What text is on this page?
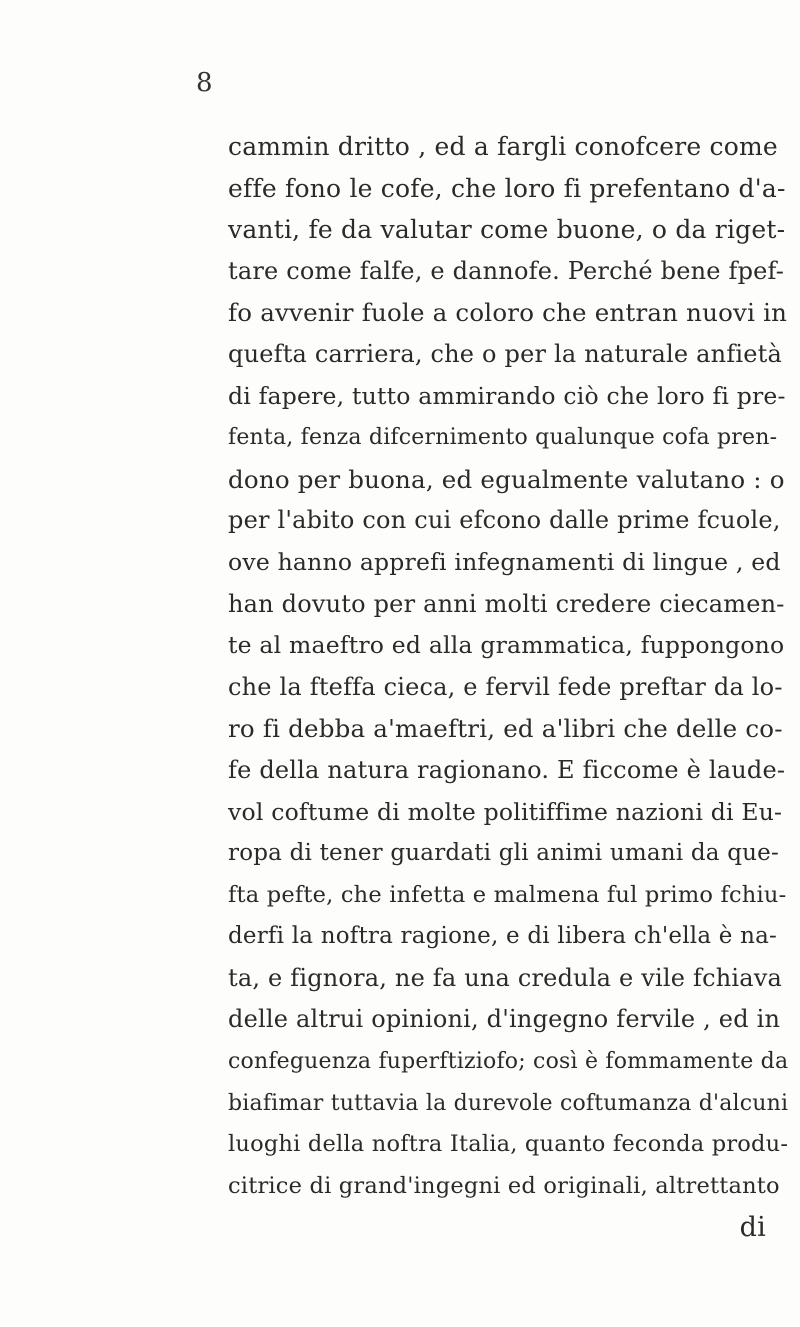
8
cammin dritto , ed a fargli conofcere come
effe fono le cofe, che loro fi prefentano d'a-
vanti, fe da valutar come buone, o da riget-
tare come falfe, e dannofe. Perché bene fpef-
fo avvenir fuole a coloro che entran nuovi in
quefta carriera, che o per la naturale anfietà
di fapere, tutto ammirando ciò che loro fi pre-
fenta, fenza difcernimento qualunque cofa pren-
dono per buona, ed egualmente valutano : o
per l'abito con cui efcono dalle prime fcuole,
ove hanno apprefi infegnamenti di lingue , ed
han dovuto per anni molti credere ciecamen-
te al maeftro ed alla grammatica, fuppongono
che la fteffa cieca, e fervil fede preftar da lo-
ro fi debba a'maeftri, ed a'libri che delle co-
fe della natura ragionano. E ficcome è laude-
vol coftume di molte politiffime nazioni di Eu-
ropa di tener guardati gli animi umani da que-
fta pefte, che infetta e malmena ful primo fchiu-
derfi la noftra ragione, e di libera ch'ella è na-
ta, e fignora, ne fa una credula e vile fchiava
delle altrui opinioni, d'ingegno fervile , ed in
confeguenza fuperftiziofo; così è fommamente da
biafimar tuttavia la durevole coftumanza d'alcuni
luoghi della noftra Italia, quanto feconda produ-
citrice di grand'ingegni ed originali, altrettanto
di
